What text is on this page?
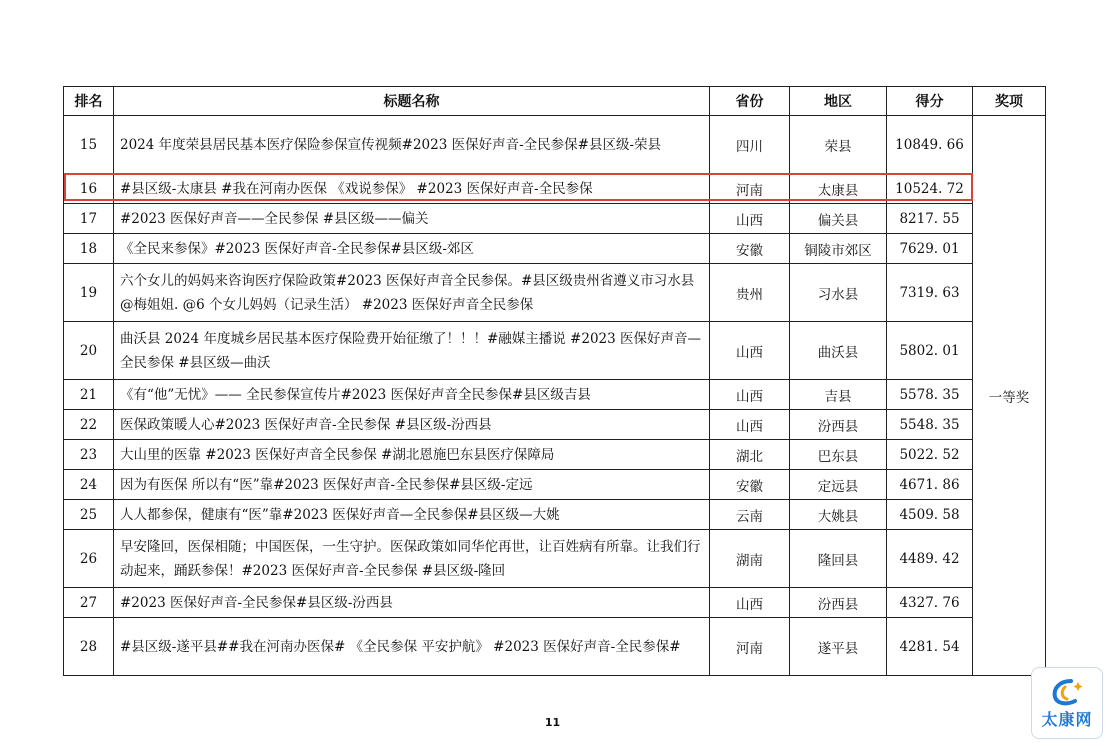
排名	标题名称	省份	地区	得分	奖项
15	2024 年度荣县居民基本医疗保险参保宣传视频#2023 医保好声音-全民参保#县区级-荣县	四川	荣县	10849. 66	一等奖
16	#县区级-太康县 #我在河南办医保 《戏说参保》 #2023 医保好声音-全民参保	河南	太康县	10524. 72	
17	#2023 医保好声音——全民参保 #县区级——偏关	山西	偏关县	8217. 55	
18	《全民来参保》#2023 医保好声音-全民参保#县区级-郊区	安徽	铜陵市郊区	7629. 01	
19	六个女儿的妈妈来咨询医疗保险政策#2023 医保好声音全民参保。#县区级贵州省遵义市习水县 @梅姐姐. @6 个女儿妈妈（记录生活） #2023 医保好声音全民参保	贵州	习水县	7319. 63	
20	曲沃县 2024 年度城乡居民基本医疗保险费开始征缴了！！！#融媒主播说 #2023 医保好声音—全民参保 #县区级—曲沃	山西	曲沃县	5802. 01	
21	《有“他”无忧》—— 全民参保宣传片#2023 医保好声音全民参保#县区级吉县	山西	吉县	5578. 35	
22	医保政策暖人心#2023 医保好声音-全民参保 #县区级-汾西县	山西	汾西县	5548. 35	
23	大山里的医靠 #2023 医保好声音全民参保 #湖北恩施巴东县医疗保障局	湖北	巴东县	5022. 52	
24	因为有医保 所以有“医”靠#2023 医保好声音-全民参保#县区级-定远	安徽	定远县	4671. 86	
25	人人都参保，健康有“医”靠#2023 医保好声音—全民参保#县区级—大姚	云南	大姚县	4509. 58	
26	早安隆回，医保相随；中国医保，一生守护。医保政策如同华佗再世，让百姓病有所靠。让我们行动起来，踊跃参保！#2023 医保好声音-全民参保 #县区级-隆回	湖南	隆回县	4489. 42	
27	#2023 医保好声音-全民参保#县区级-汾西县	山西	汾西县	4327. 76	
28	#县区级-遂平县##我在河南办医保# 《全民参保 平安护航》 #2023 医保好声音-全民参保#	河南	遂平县	4281. 54	
11	太康网
